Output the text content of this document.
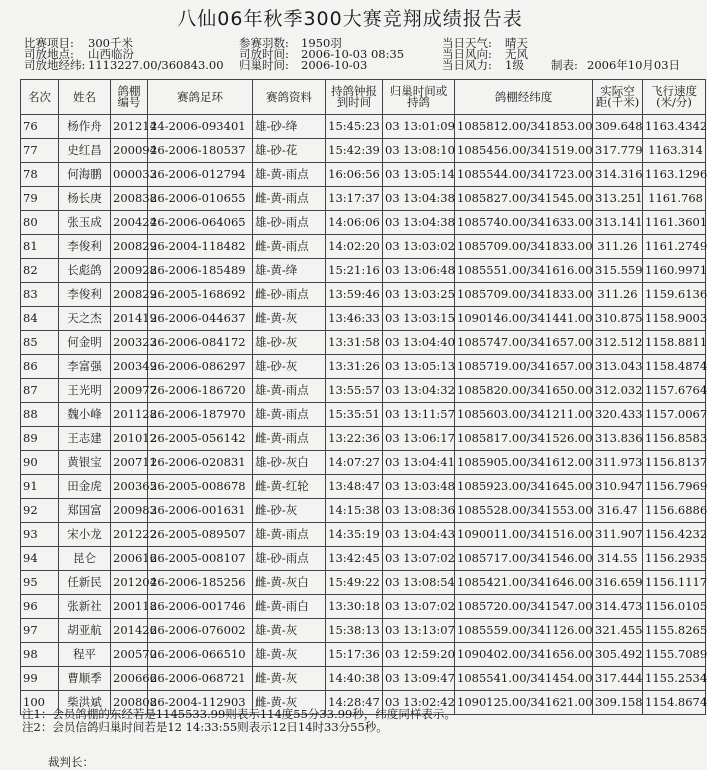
八仙06年秋季300大赛竞翔成绩报告表
比赛项目: 300千米
司放地点: 山西临汾
司放地经纬: 1113227.00/360843.00
参赛羽数: 1950羽
司放时间: 2006-10-03 08:35
归巢时间: 2006-10-03
当日天气: 晴天
当日风向: 无风
当日风力: 1级 制表: 2006年10月03日
名次	姓名	鸽棚编号	赛鸽足环	赛鸽资料	持鸽钟报到时间	归巢时间或持鸽	鸽棚经纬度	实际空距(千米)	飞行速度(米/分)
76	杨作舟	201214	24-2006-093401	雄-砂-绛	15:45:23	03 13:01:09	1085812.00/341853.00	309.648	1163.4342
77	史红昌	200094	26-2006-180537	雄-砂-花	15:42:39	03 13:08:10	1085456.00/341519.00	317.779	1163.314
78	何海鹏	000033	26-2006-012794	雄-黄-雨点	16:06:56	03 13:05:14	1085544.00/341723.00	314.316	1163.1296
79	杨长庚	200838	26-2006-010655	雌-黄-雨点	13:17:37	03 13:04:38	1085827.00/341545.00	313.251	1161.768
80	张玉成	200424	26-2006-064065	雄-砂-雨点	14:06:06	03 13:04:38	1085740.00/341633.00	313.141	1161.3601
81	李俊利	200829	26-2004-118482	雌-黄-雨点	14:02:20	03 13:03:02	1085709.00/341833.00	311.26	1161.2749
82	长彪鸽	200928	26-2006-185489	雄-黄-绛	15:21:16	03 13:06:48	1085551.00/341616.00	315.559	1160.9971
83	李俊利	200829	26-2005-168692	雌-砂-雨点	13:59:46	03 13:03:25	1085709.00/341833.00	311.26	1159.6136
84	天之杰	201419	26-2006-044637	雌-黄-灰	13:46:33	03 13:03:15	1090146.00/341441.00	310.875	1158.9003
85	何金明	200323	26-2006-084172	雄-砂-灰	13:31:58	03 13:04:40	1085747.00/341657.00	312.512	1158.8811
86	李富强	200349	26-2006-086297	雄-砂-灰	13:31:26	03 13:05:13	1085719.00/341657.00	313.043	1158.4874
87	王光明	200977	26-2006-186720	雄-黄-雨点	13:55:57	03 13:04:32	1085820.00/341650.00	312.032	1157.6764
88	魏小峰	201128	26-2006-187970	雄-黄-雨点	15:35:51	03 13:11:57	1085603.00/341211.00	320.433	1157.0067
89	王志建	201012	26-2005-056142	雌-黄-雨点	13:22:36	03 13:06:17	1085817.00/341526.00	313.836	1156.8583
90	黄银宝	200711	26-2006-020831	雄-砂-灰白	14:07:27	03 13:04:41	1085905.00/341612.00	311.973	1156.8137
91	田金虎	200365	26-2005-008678	雌-黄-红轮	13:48:47	03 13:03:48	1085923.00/341645.00	310.947	1156.7969
92	郑国富	200983	26-2006-001631	雌-砂-灰	14:15:38	03 13:08:36	1085528.00/341553.00	316.47	1156.6886
93	宋小龙	201222	26-2005-089507	雄-黄-雨点	14:35:19	03 13:04:43	1090011.00/341516.00	311.907	1156.4232
94	昆仑	200616	26-2005-008107	雄-砂-雨点	13:42:45	03 13:07:02	1085717.00/341546.00	314.55	1156.2935
95	任新民	201204	26-2006-185256	雌-黄-灰白	15:49:22	03 13:08:54	1085421.00/341646.00	316.659	1156.1117
96	张新社	200118	26-2006-001746	雌-黄-雨白	13:30:18	03 13:07:02	1085720.00/341547.00	314.473	1156.0105
97	胡亚航	201426	26-2006-076002	雄-黄-灰	15:38:13	03 13:13:07	1085559.00/341126.00	321.455	1155.8265
98	程平	200570	26-2006-066510	雄-黄-灰	15:17:36	03 12:59:20	1090402.00/341656.00	305.492	1155.7089
99	曹顺季	200666	26-2006-068721	雌-黄-灰	14:40:38	03 13:09:47	1085541.00/341454.00	317.444	1155.2534
100	柴洪斌	200808	26-2004-112903	雌-黄-灰	14:28:47	03 13:02:42	1090125.00/341621.00	309.158	1154.8674
注1：会员鸽棚的东经若是1145533.99则表示114度55分33.99秒，纬度同样表示。
注2：会员信鸽归巢时间若是12 14:33:55则表示12日14时33分55秒。
裁判长：
